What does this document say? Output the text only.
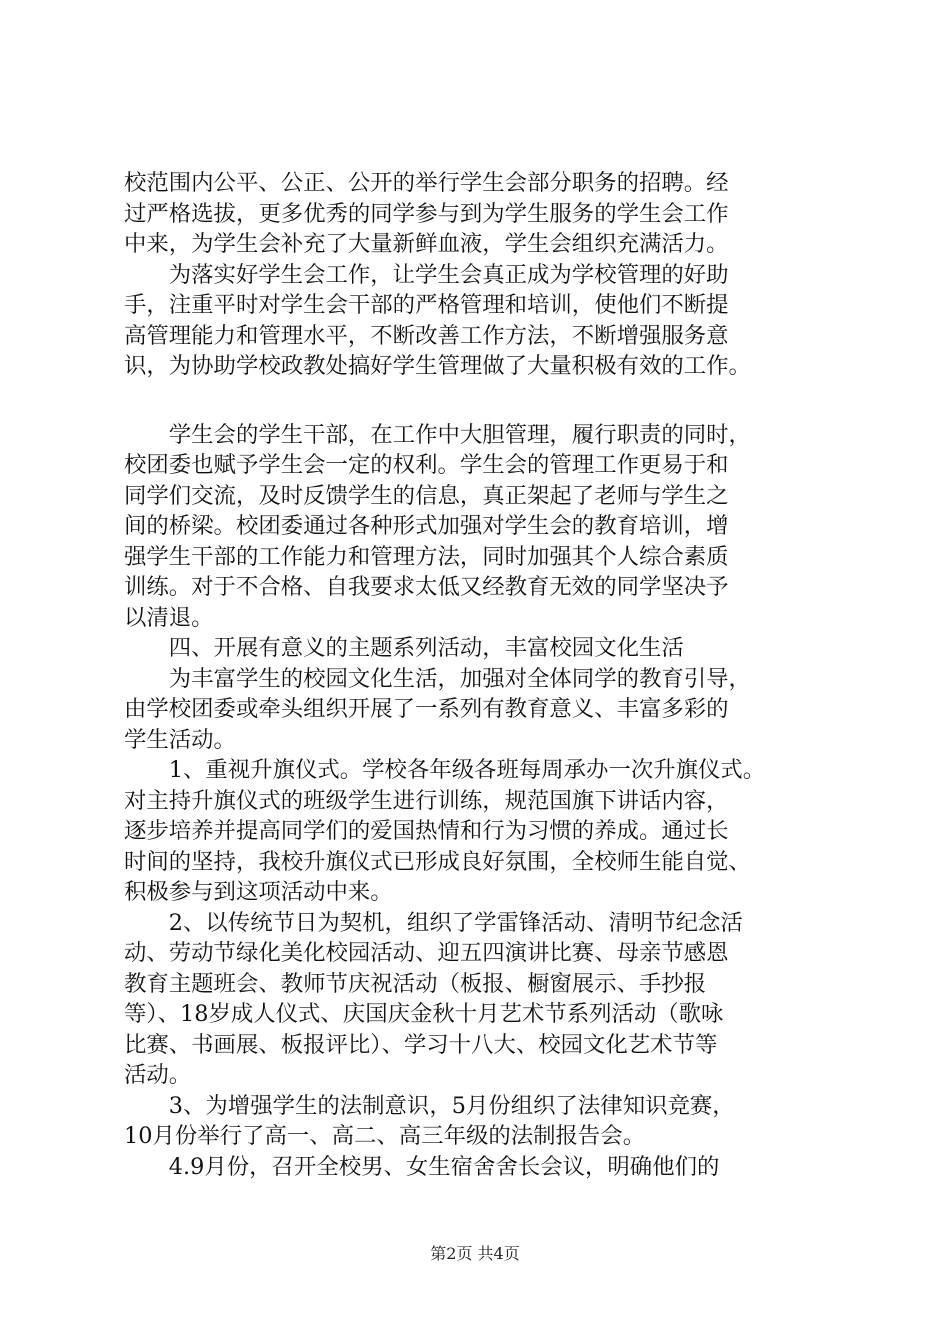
校范围内公平、公正、公开的举行学生会部分职务的招聘。经
过严格选拔，更多优秀的同学参与到为学生服务的学生会工作
中来，为学生会补充了大量新鲜血液，学生会组织充满活力。
　　为落实好学生会工作，让学生会真正成为学校管理的好助
手，注重平时对学生会干部的严格管理和培训，使他们不断提
高管理能力和管理水平，不断改善工作方法，不断增强服务意
识，为协助学校政教处搞好学生管理做了大量积极有效的工作。
　　学生会的学生干部，在工作中大胆管理，履行职责的同时，
校团委也赋予学生会一定的权利。学生会的管理工作更易于和
同学们交流，及时反馈学生的信息，真正架起了老师与学生之
间的桥梁。校团委通过各种形式加强对学生会的教育培训，增
强学生干部的工作能力和管理方法，同时加强其个人综合素质
训练。对于不合格、自我要求太低又经教育无效的同学坚决予
以清退。
　　四、开展有意义的主题系列活动，丰富校园文化生活
　　为丰富学生的校园文化生活，加强对全体同学的教育引导，
由学校团委或牵头组织开展了一系列有教育意义、丰富多彩的
学生活动。
　　1、重视升旗仪式。学校各年级各班每周承办一次升旗仪式。
对主持升旗仪式的班级学生进行训练，规范国旗下讲话内容，
逐步培养并提高同学们的爱国热情和行为习惯的养成。通过长
时间的坚持，我校升旗仪式已形成良好氛围，全校师生能自觉、
积极参与到这项活动中来。
　　2、以传统节日为契机，组织了学雷锋活动、清明节纪念活
动、劳动节绿化美化校园活动、迎五四演讲比赛、母亲节感恩
教育主题班会、教师节庆祝活动（板报、橱窗展示、手抄报
等）、18岁成人仪式、庆国庆金秋十月艺术节系列活动（歌咏
比赛、书画展、板报评比）、学习十八大、校园文化艺术节等
活动。
　　3、为增强学生的法制意识，5月份组织了法律知识竞赛，
10月份举行了高一、高二、高三年级的法制报告会。
　　4.9月份，召开全校男、女生宿舍舍长会议，明确他们的
第2页 共4页
